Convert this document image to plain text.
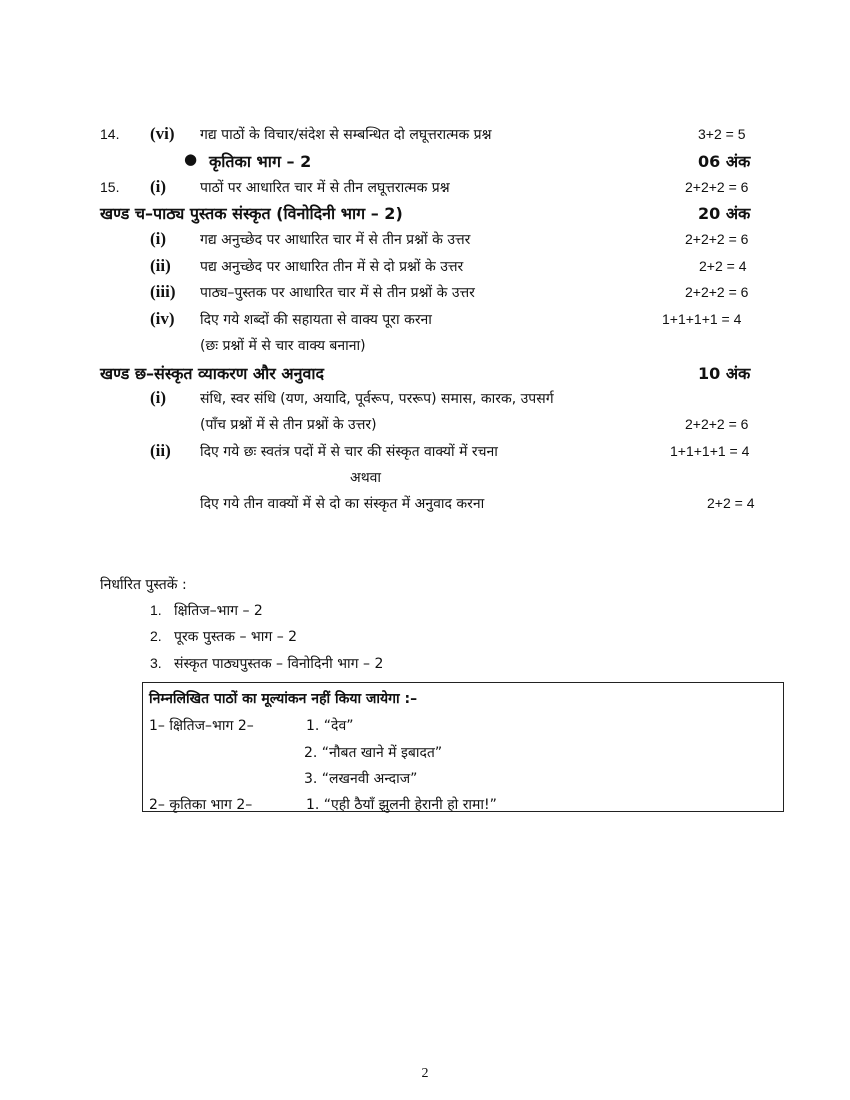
14. (vi) गद्य पाठों के विचार/संदेश से सम्बन्धित दो लघूत्तरात्मक प्रश्न	3+2 = 5
● कृतिका भाग – 2	06 अंक
15. (i) पाठों पर आधारित चार में से तीन लघूत्तरात्मक प्रश्न	2+2+2 = 6
खण्ड च–पाठ्य पुस्तक संस्कृत (विनोदिनी भाग – 2)	20 अंक
(i) गद्य अनुच्छेद पर आधारित चार में से तीन प्रश्नों के उत्तर	2+2+2 = 6
(ii) पद्य अनुच्छेद पर आधारित तीन में से दो प्रश्नों के उत्तर	2+2 = 4
(iii) पाठ्य–पुस्तक पर आधारित चार में से तीन प्रश्नों के उत्तर	2+2+2 = 6
(iv) दिए गये शब्दों की सहायता से वाक्य पूरा करना	1+1+1+1 = 4
(छः प्रश्नों में से चार वाक्य बनाना)
खण्ड छ–संस्कृत व्याकरण और अनुवाद	10 अंक
(i) संधि, स्वर संधि (यण, अयादि, पूर्वरूप, पररूप) समास, कारक, उपसर्ग
(पाँच प्रश्नों में से तीन प्रश्नों के उत्तर)	2+2+2 = 6
(ii) दिए गये छः स्वतंत्र पदों में से चार की संस्कृत वाक्यों में रचना	1+1+1+1 = 4
अथवा
दिए गये तीन वाक्यों में से दो का संस्कृत में अनुवाद करना	2+2 = 4
निर्धारित पुस्तकें :
1. क्षितिज–भाग – 2
2. पूरक पुस्तक – भाग – 2
3. संस्कृत पाठ्यपुस्तक – विनोदिनी भाग – 2
निम्नलिखित पाठों का मूल्यांकन नहीं किया जायेगा :–
1– क्षितिज–भाग 2–	1. “देव”
2. “नौबत खाने में इबादत”
3. “लखनवी अन्दाज”
2– कृतिका भाग 2–	1. “एही ठैयाँ झुलनी हेरानी हो रामा!”
2
